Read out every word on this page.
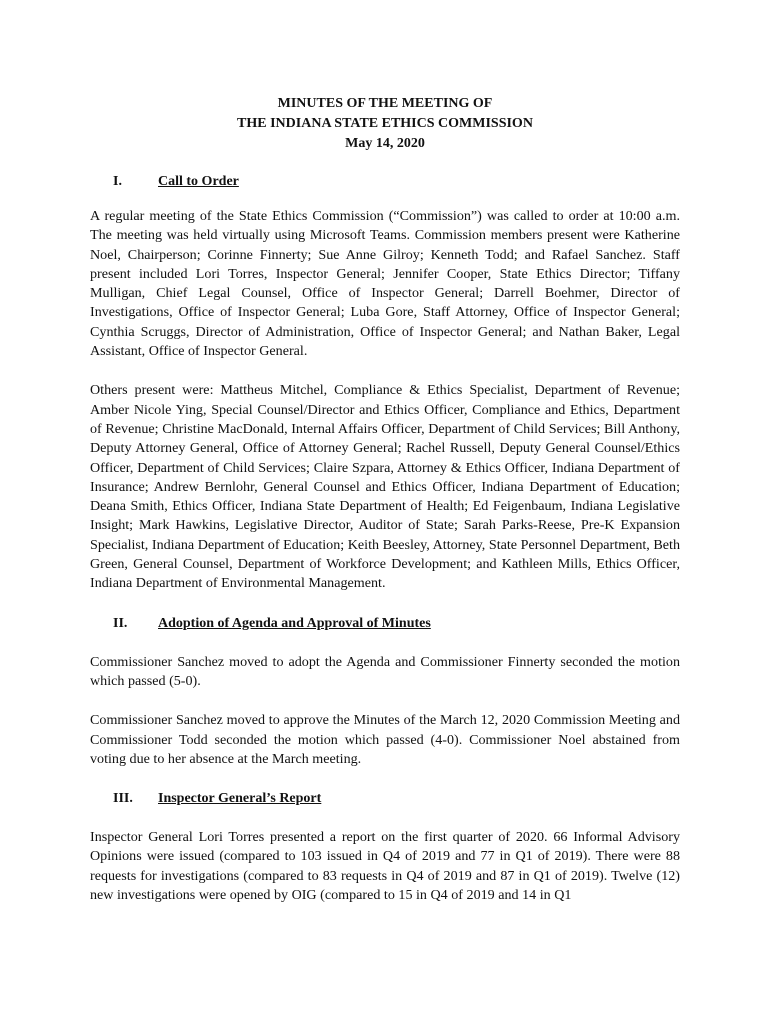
MINUTES OF THE MEETING OF
THE INDIANA STATE ETHICS COMMISSION
May 14, 2020
I.	Call to Order

A regular meeting of the State Ethics Commission (“Commission”) was called to order at 10:00 a.m. The meeting was held virtually using Microsoft Teams. Commission members present were Katherine Noel, Chairperson; Corinne Finnerty; Sue Anne Gilroy; Kenneth Todd; and Rafael Sanchez. Staff present included Lori Torres, Inspector General; Jennifer Cooper, State Ethics Director; Tiffany Mulligan, Chief Legal Counsel, Office of Inspector General; Darrell Boehmer, Director of Investigations, Office of Inspector General; Luba Gore, Staff Attorney, Office of Inspector General; Cynthia Scruggs, Director of Administration, Office of Inspector General; and Nathan Baker, Legal Assistant, Office of Inspector General.

Others present were: Mattheus Mitchel, Compliance & Ethics Specialist, Department of Revenue; Amber Nicole Ying, Special Counsel/Director and Ethics Officer, Compliance and Ethics, Department of Revenue; Christine MacDonald, Internal Affairs Officer, Department of Child Services; Bill Anthony, Deputy Attorney General, Office of Attorney General; Rachel Russell, Deputy General Counsel/Ethics Officer, Department of Child Services; Claire Szpara, Attorney & Ethics Officer, Indiana Department of Insurance; Andrew Bernlohr, General Counsel and Ethics Officer, Indiana Department of Education; Deana Smith, Ethics Officer, Indiana State Department of Health; Ed Feigenbaum, Indiana Legislative Insight; Mark Hawkins, Legislative Director, Auditor of State; Sarah Parks-Reese, Pre-K Expansion Specialist, Indiana Department of Education; Keith Beesley, Attorney, State Personnel Department, Beth Green, General Counsel, Department of Workforce Development; and Kathleen Mills, Ethics Officer, Indiana Department of Environmental Management.

II.	Adoption of Agenda and Approval of Minutes

Commissioner Sanchez moved to adopt the Agenda and Commissioner Finnerty seconded the motion which passed (5-0).

Commissioner Sanchez moved to approve the Minutes of the March 12, 2020 Commission Meeting and Commissioner Todd seconded the motion which passed (4-0). Commissioner Noel abstained from voting due to her absence at the March meeting.

III.	Inspector General’s Report

Inspector General Lori Torres presented a report on the first quarter of 2020. 66 Informal Advisory Opinions were issued (compared to 103 issued in Q4 of 2019 and 77 in Q1 of 2019). There were 88 requests for investigations (compared to 83 requests in Q4 of 2019 and 87 in Q1 of 2019). Twelve (12) new investigations were opened by OIG (compared to 15 in Q4 of 2019 and 14 in Q1
